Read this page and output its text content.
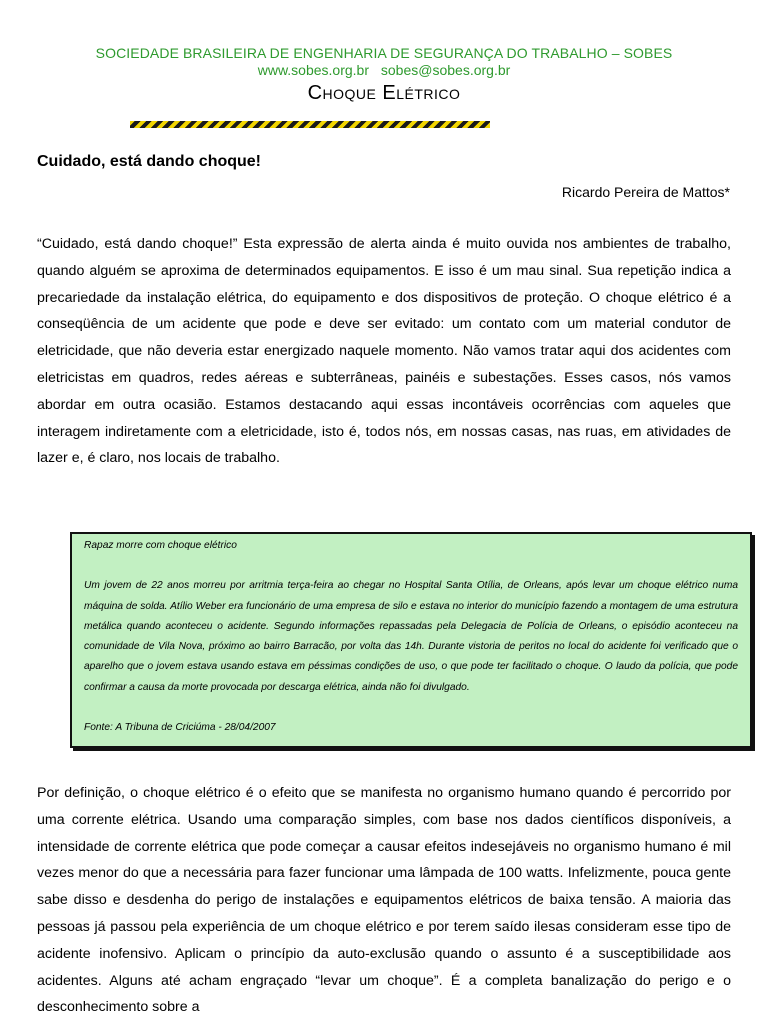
SOCIEDADE BRASILEIRA DE ENGENHARIA DE SEGURANÇA DO TRABALHO – SOBES
www.sobes.org.br sobes@sobes.org.br
Choque Elétrico
Cuidado, está dando choque!
Ricardo Pereira de Mattos*

“Cuidado, está dando choque!” Esta expressão de alerta ainda é muito ouvida nos ambientes de trabalho, quando alguém se aproxima de determinados equipamentos. E isso é um mau sinal. Sua repetição indica a precariedade da instalação elétrica, do equipamento e dos dispositivos de proteção. O choque elétrico é a conseqüência de um acidente que pode e deve ser evitado: um contato com um material condutor de eletricidade, que não deveria estar energizado naquele momento. Não vamos tratar aqui dos acidentes com eletricistas em quadros, redes aéreas e subterrâneas, painéis e subestações. Esses casos, nós vamos abordar em outra ocasião. Estamos destacando aqui essas incontáveis ocorrências com aqueles que interagem indiretamente com a eletricidade, isto é, todos nós, em nossas casas, nas ruas, em atividades de lazer e, é claro, nos locais de trabalho.

Rapaz morre com choque elétrico

Um jovem de 22 anos morreu por arritmia terça-feira ao chegar no Hospital Santa Otília, de Orleans, após levar um choque elétrico numa máquina de solda. Atílio Weber era funcionário de uma empresa de silo e estava no interior do município fazendo a montagem de uma estrutura metálica quando aconteceu o acidente. Segundo informações repassadas pela Delegacia de Polícia de Orleans, o episódio aconteceu na comunidade de Vila Nova, próximo ao bairro Barracão, por volta das 14h. Durante vistoria de peritos no local do acidente foi verificado que o aparelho que o jovem estava usando estava em péssimas condições de uso, o que pode ter facilitado o choque. O laudo da polícia, que pode confirmar a causa da morte provocada por descarga elétrica, ainda não foi divulgado.

Fonte: A Tribuna de Criciúma - 28/04/2007

Por definição, o choque elétrico é o efeito que se manifesta no organismo humano quando é percorrido por uma corrente elétrica. Usando uma comparação simples, com base nos dados científicos disponíveis, a intensidade de corrente elétrica que pode começar a causar efeitos indesejáveis no organismo humano é mil vezes menor do que a necessária para fazer funcionar uma lâmpada de 100 watts. Infelizmente, pouca gente sabe disso e desdenha do perigo de instalações e equipamentos elétricos de baixa tensão. A maioria das pessoas já passou pela experiência de um choque elétrico e por terem saído ilesas consideram esse tipo de acidente inofensivo. Aplicam o princípio da auto-exclusão quando o assunto é a susceptibilidade aos acidentes. Alguns até acham engraçado “levar um choque”. É a completa banalização do perigo e o desconhecimento sobre a
